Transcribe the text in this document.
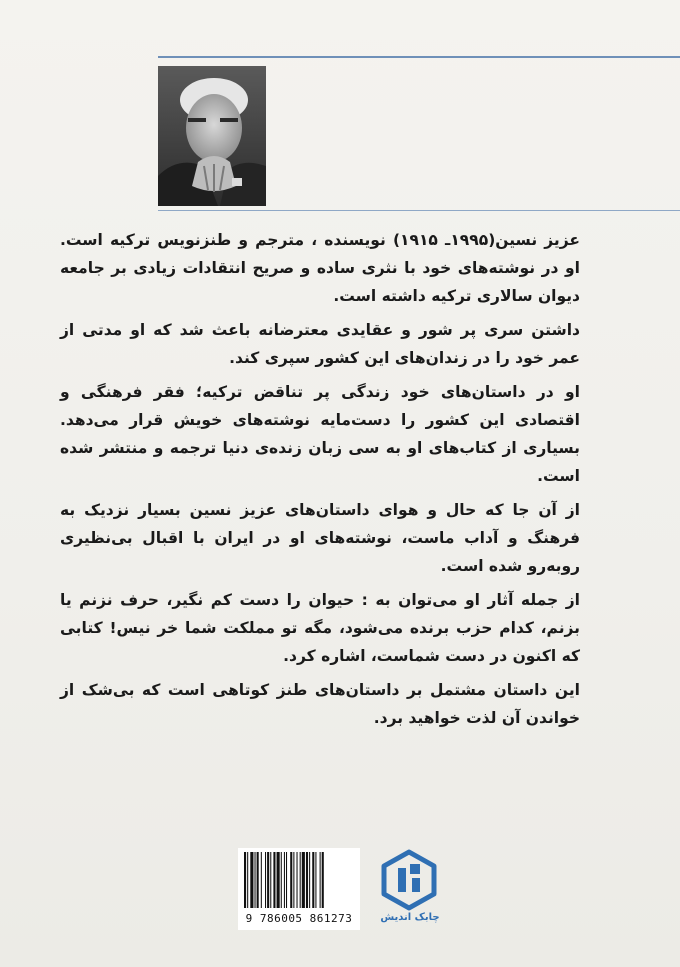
عزیز نسین(۱۹۹۵ـ ۱۹۱۵) نویسنده ، مترجم و طنزنویس ترکیه است. او در نوشته‌های خود با نثری ساده و صریح انتقادات زیادی بر جامعه دیوان سالاری ترکیه داشته است.

داشتن سری پر شور و عقایدی معترضانه باعث شد که او مدتی از عمر خود را در زندان‌های این کشور سپری کند.

او در داستان‌های خود زندگی پر تناقض ترکیه؛ فقر فرهنگی و اقتصادی این کشور را دست‌مایه نوشته‌های خویش قرار می‌دهد. بسیاری از کتاب‌های او به سی زبان زنده‌ی دنیا ترجمه و منتشر شده است.

از آن جا که حال و هوای داستان‌های عزیز نسین بسیار نزدیک به فرهنگ و آداب ماست، نوشته‌های او در ایران با اقبال بی‌نظیری روبه‌رو شده است.

از جمله آثار او می‌توان به : حیوان را دست کم نگیر، حرف نزنم یا بزنم، کدام حزب برنده می‌شود، مگه تو مملکت شما خر نیس! کتابی که اکنون در دست شماست، اشاره کرد.

این داستان مشتمل بر داستان‌های طنز کوتاهی است که بی‌شک از خواندن آن لذت خواهید برد.

9 786005 861273	چابک اندیش
